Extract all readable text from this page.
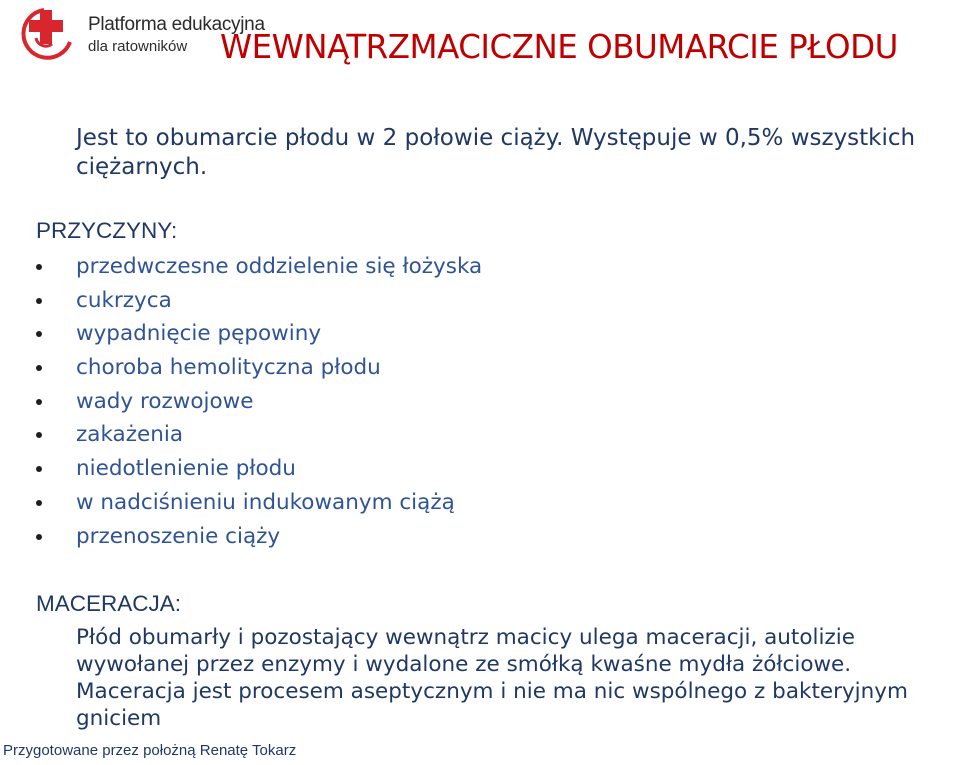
Platforma edukacyjna
dla ratowników WEWNĄTRZMACICZNE OBUMARCIE PŁODU
Jest to obumarcie płodu w 2 połowie ciąży. Występuje w 0,5% wszystkich ciężarnych.
PRZYCZYNY:
przedwczesne oddzielenie się łożyska
cukrzyca
wypadnięcie pępowiny
choroba hemolityczna płodu
wady rozwojowe
zakażenia
niedotlenienie płodu
w nadciśnieniu indukowanym ciążą
przenoszenie ciąży
MACERACJA:
Płód obumarły i pozostający wewnątrz macicy ulega maceracji, autolizie wywołanej przez enzymy i wydalone ze smółką kwaśne mydła żółciowe. Maceracja jest procesem aseptycznym i nie ma nic wspólnego z bakteryjnym gniciem
Przygotowane przez położną Renatę Tokarz
